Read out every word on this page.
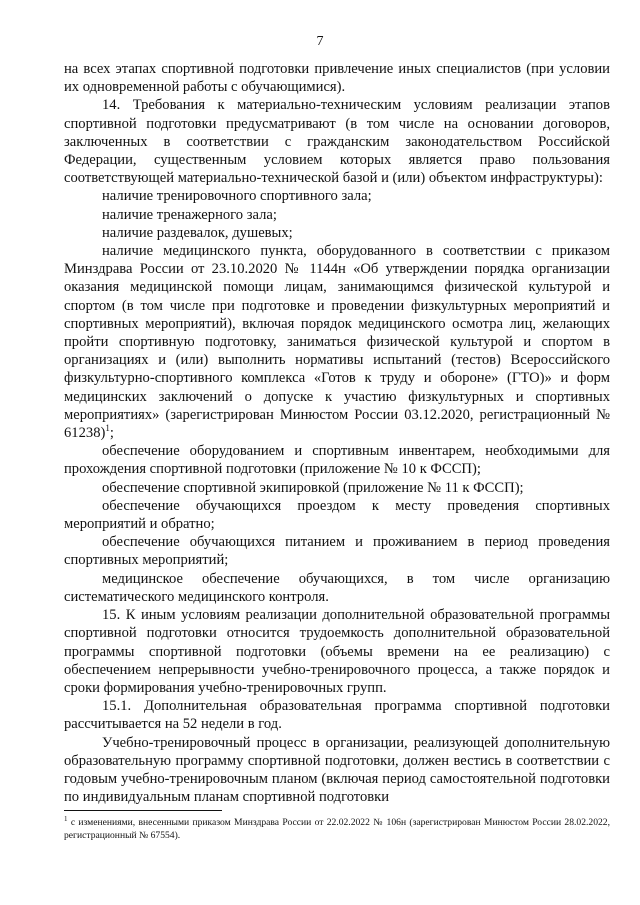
7

на всех этапах спортивной подготовки привлечение иных специалистов (при условии их одновременной работы с обучающимися).

14. Требования к материально-техническим условиям реализации этапов спортивной подготовки предусматривают (в том числе на основании договоров, заключенных в соответствии с гражданским законодательством Российской Федерации, существенным условием которых является право пользования соответствующей материально-технической базой и (или) объектом инфраструктуры):

наличие тренировочного спортивного зала;

наличие тренажерного зала;

наличие раздевалок, душевых;

наличие медицинского пункта, оборудованного в соответствии с приказом Минздрава России от 23.10.2020 № 1144н «Об утверждении порядка организации оказания медицинской помощи лицам, занимающимся физической культурой и спортом (в том числе при подготовке и проведении физкультурных мероприятий и спортивных мероприятий), включая порядок медицинского осмотра лиц, желающих пройти спортивную подготовку, заниматься физической культурой и спортом в организациях и (или) выполнить нормативы испытаний (тестов) Всероссийского физкультурно-спортивного комплекса «Готов к труду и обороне» (ГТО)» и форм медицинских заключений о допуске к участию физкультурных и спортивных мероприятиях» (зарегистрирован Минюстом России 03.12.2020, регистрационный № 61238)$^1$;

обеспечение оборудованием и спортивным инвентарем, необходимыми для прохождения спортивной подготовки (приложение № 10 к ФССП);

обеспечение спортивной экипировкой (приложение № 11 к ФССП);

обеспечение обучающихся проездом к месту проведения спортивных мероприятий и обратно;

обеспечение обучающихся питанием и проживанием в период проведения спортивных мероприятий;

медицинское обеспечение обучающихся, в том числе организацию систематического медицинского контроля.

15. К иным условиям реализации дополнительной образовательной программы спортивной подготовки относится трудоемкость дополнительной образовательной программы спортивной подготовки (объемы времени на ее реализацию) с обеспечением непрерывности учебно-тренировочного процесса, а также порядок и сроки формирования учебно-тренировочных групп.

15.1. Дополнительная образовательная программа спортивной подготовки рассчитывается на 52 недели в год.

Учебно-тренировочный процесс в организации, реализующей дополнительную образовательную программу спортивной подготовки, должен вестись в соответствии с годовым учебно-тренировочным планом (включая период самостоятельной подготовки по индивидуальным планам спортивной подготовки

$^1$ с изменениями, внесенными приказом Минздрава России от 22.02.2022 № 106н (зарегистрирован Минюстом России 28.02.2022, регистрационный № 67554).
